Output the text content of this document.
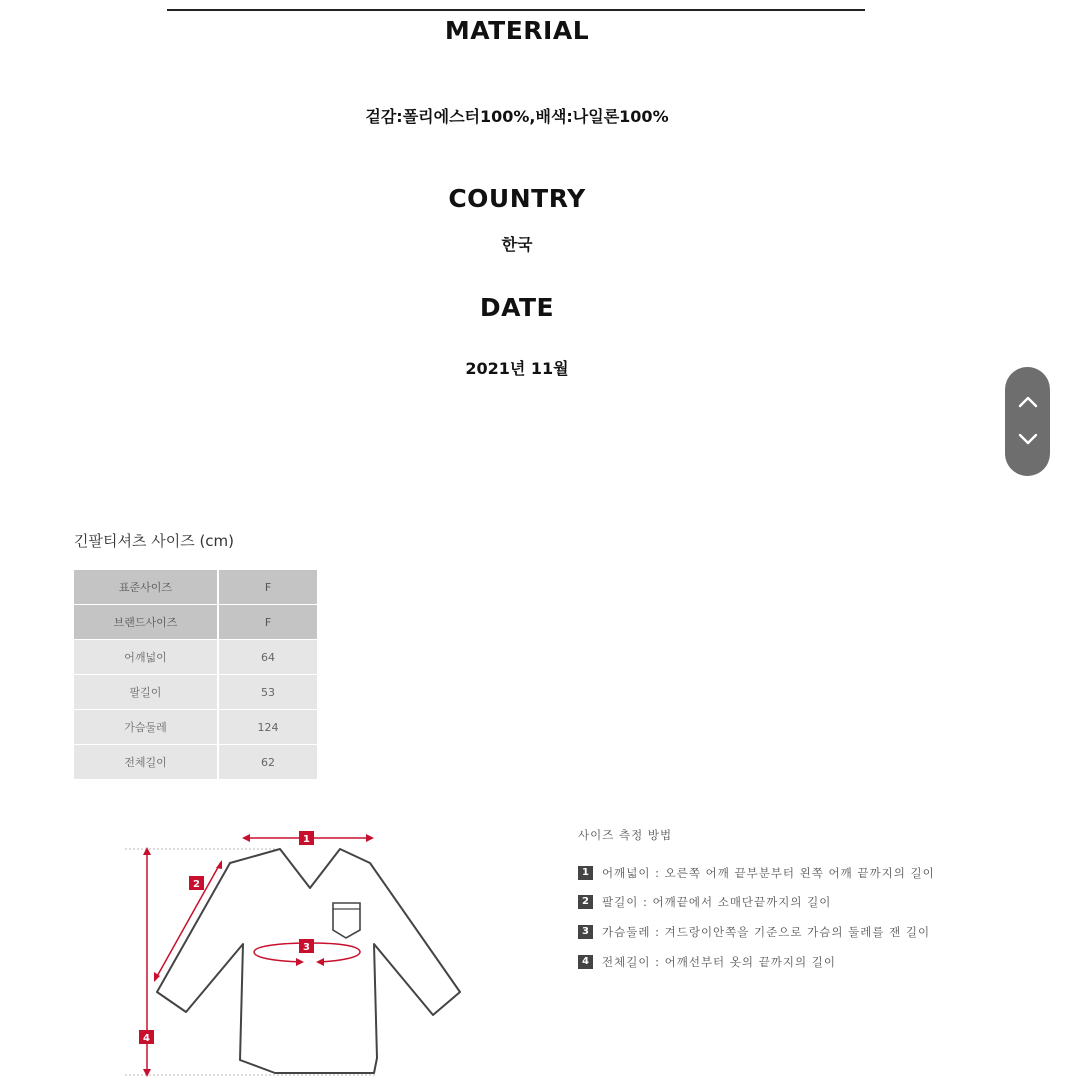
MATERIAL
겉감:폴리에스터100%,배색:나일론100%
COUNTRY
한국
DATE
2021년 11월
긴팔티셔츠 사이즈 (cm)
표준사이즈	F
브랜드사이즈	F
어깨넓이	64
팔길이	53
가슴둘레	124
전체길이	62
1
2
3
4
사이즈 측정 방법
1	어깨넓이 : 오른쪽 어깨 끝부분부터 왼쪽 어깨 끝까지의 길이
2	팔길이 : 어깨끝에서 소매단끝까지의 길이
3	가슴둘레 : 겨드랑이안쪽을 기준으로 가슴의 둘레를 잰 길이
4	전체길이 : 어깨선부터 옷의 끝까지의 길이
